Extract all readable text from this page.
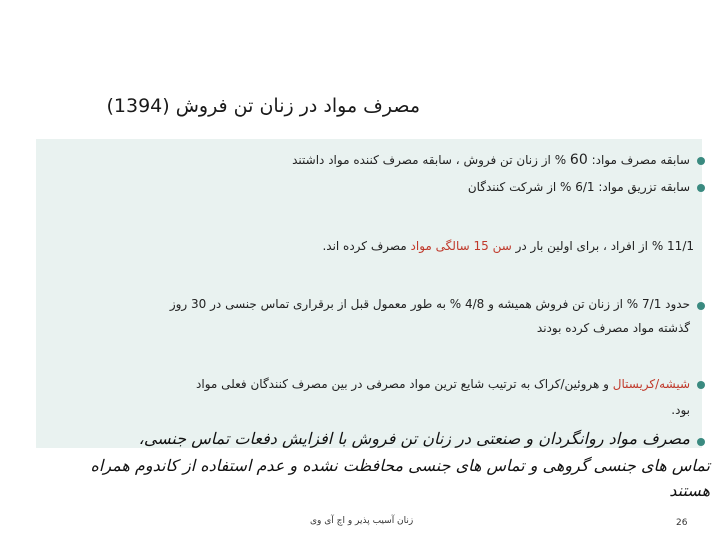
مصرف مواد در زنان تن فروش (1394)
سابقه مصرف مواد: 60 % از زنان تن فروش ، سابقه مصرف کننده مواد داشتند
سابقه تزریق مواد: 6/1 % از شرکت کنندگان
11/1 % از افراد ، برای اولین بار در سن 15 سالگی مواد مصرف کرده اند.
حدود 7/1 % از زنان تن فروش همیشه و 4/8 % به طور معمول قبل از برقراری تماس جنسی در 30 روز
گذشته مواد مصرف کرده بودند
شیشه/کریستال و هروئین/کراک به ترتیب شایع ترین مواد مصرفی در بین مصرف کنندگان فعلی مواد
بود.
مصرف مواد روانگردان و صنعتی در زنان تن فروش با افزایش دفعات تماس جنسی،
تماس های جنسی گروهی و تماس های جنسی محافظت نشده و عدم استفاده از کاندوم همراه
هستند
زنان آسیب پذیر و اچ آی وی	26
